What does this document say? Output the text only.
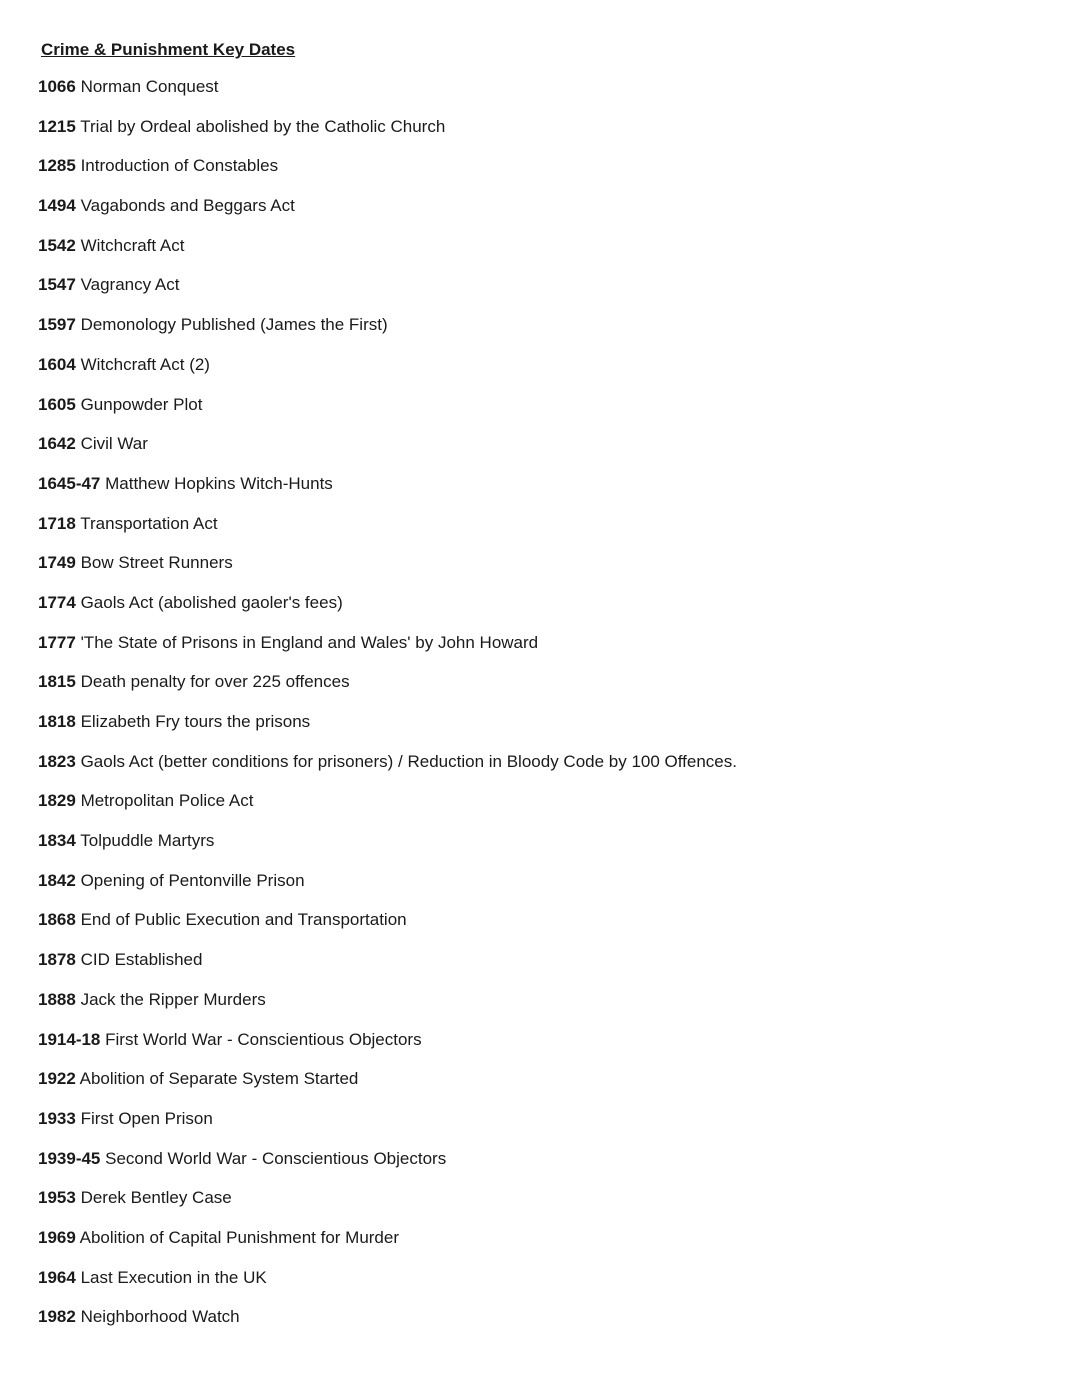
Crime & Punishment Key Dates
1066 Norman Conquest
1215 Trial by Ordeal abolished by the Catholic Church
1285 Introduction of Constables
1494 Vagabonds and Beggars Act
1542 Witchcraft Act
1547 Vagrancy Act
1597 Demonology Published (James the First)
1604 Witchcraft Act (2)
1605 Gunpowder Plot
1642 Civil War
1645-47 Matthew Hopkins Witch-Hunts
1718 Transportation Act
1749 Bow Street Runners
1774 Gaols Act (abolished gaoler's fees)
1777 'The State of Prisons in England and Wales' by John Howard
1815 Death penalty for over 225 offences
1818 Elizabeth Fry tours the prisons
1823 Gaols Act (better conditions for prisoners) / Reduction in Bloody Code by 100 Offences.
1829 Metropolitan Police Act
1834 Tolpuddle Martyrs
1842 Opening of Pentonville Prison
1868 End of Public Execution and Transportation
1878 CID Established
1888 Jack the Ripper Murders
1914-18 First World War - Conscientious Objectors
1922 Abolition of Separate System Started
1933 First Open Prison
1939-45 Second World War - Conscientious Objectors
1953 Derek Bentley Case
1969 Abolition of Capital Punishment for Murder
1964 Last Execution in the UK
1982 Neighborhood Watch
